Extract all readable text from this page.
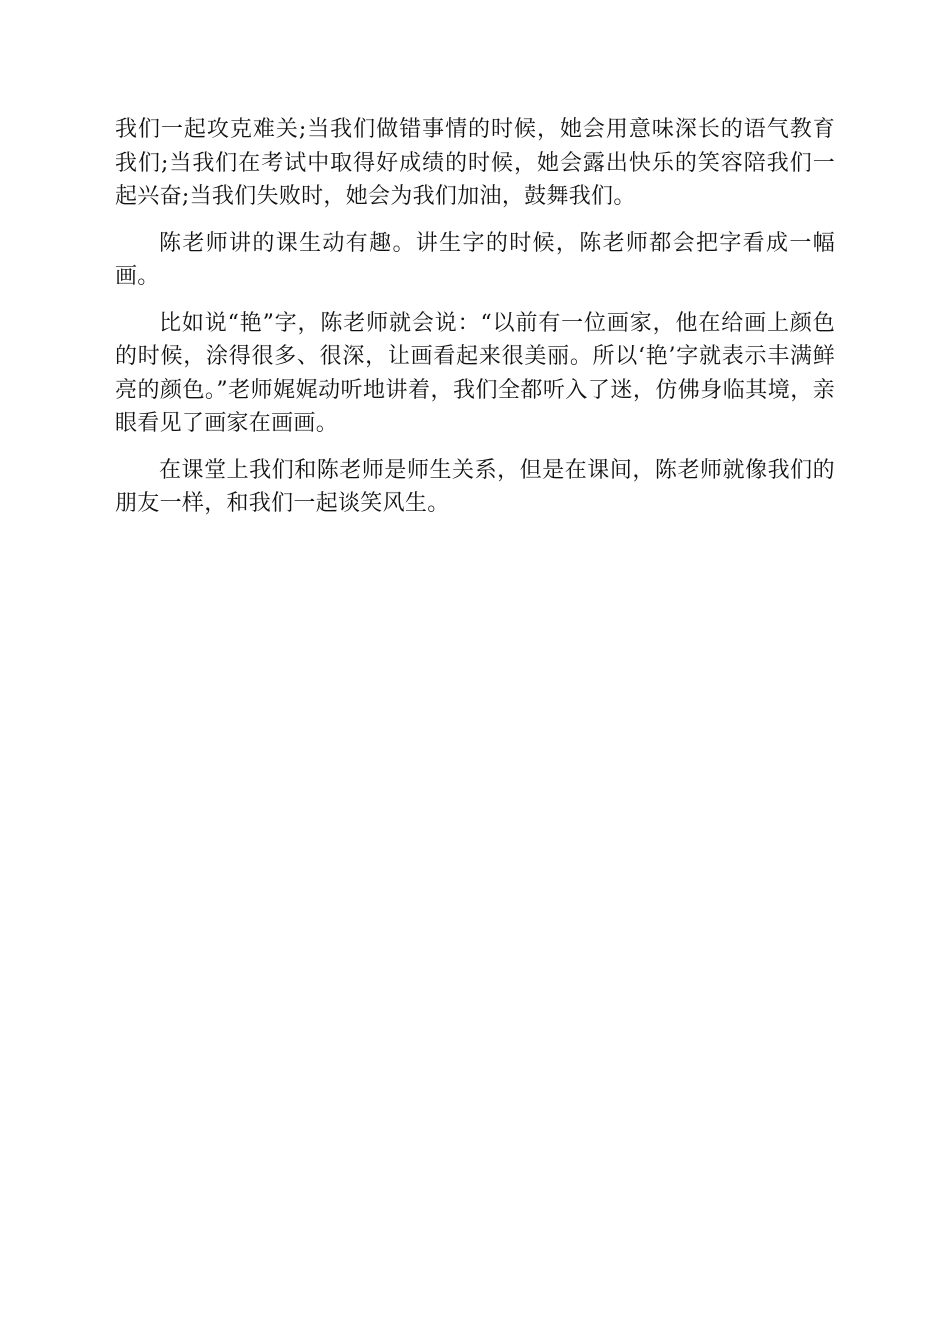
我们一起攻克难关;当我们做错事情的时候，她会用意味深长的语气教育我们;当我们在考试中取得好成绩的时候，她会露出快乐的笑容陪我们一起兴奋;当我们失败时，她会为我们加油，鼓舞我们。

陈老师讲的课生动有趣。讲生字的时候，陈老师都会把字看成一幅画。

比如说“艳”字，陈老师就会说：“以前有一位画家，他在给画上颜色的时候，涂得很多、很深，让画看起来很美丽。所以‘艳’字就表示丰满鲜亮的颜色。”老师娓娓动听地讲着，我们全都听入了迷，仿佛身临其境，亲眼看见了画家在画画。

在课堂上我们和陈老师是师生关系，但是在课间，陈老师就像我们的朋友一样，和我们一起谈笑风生。
